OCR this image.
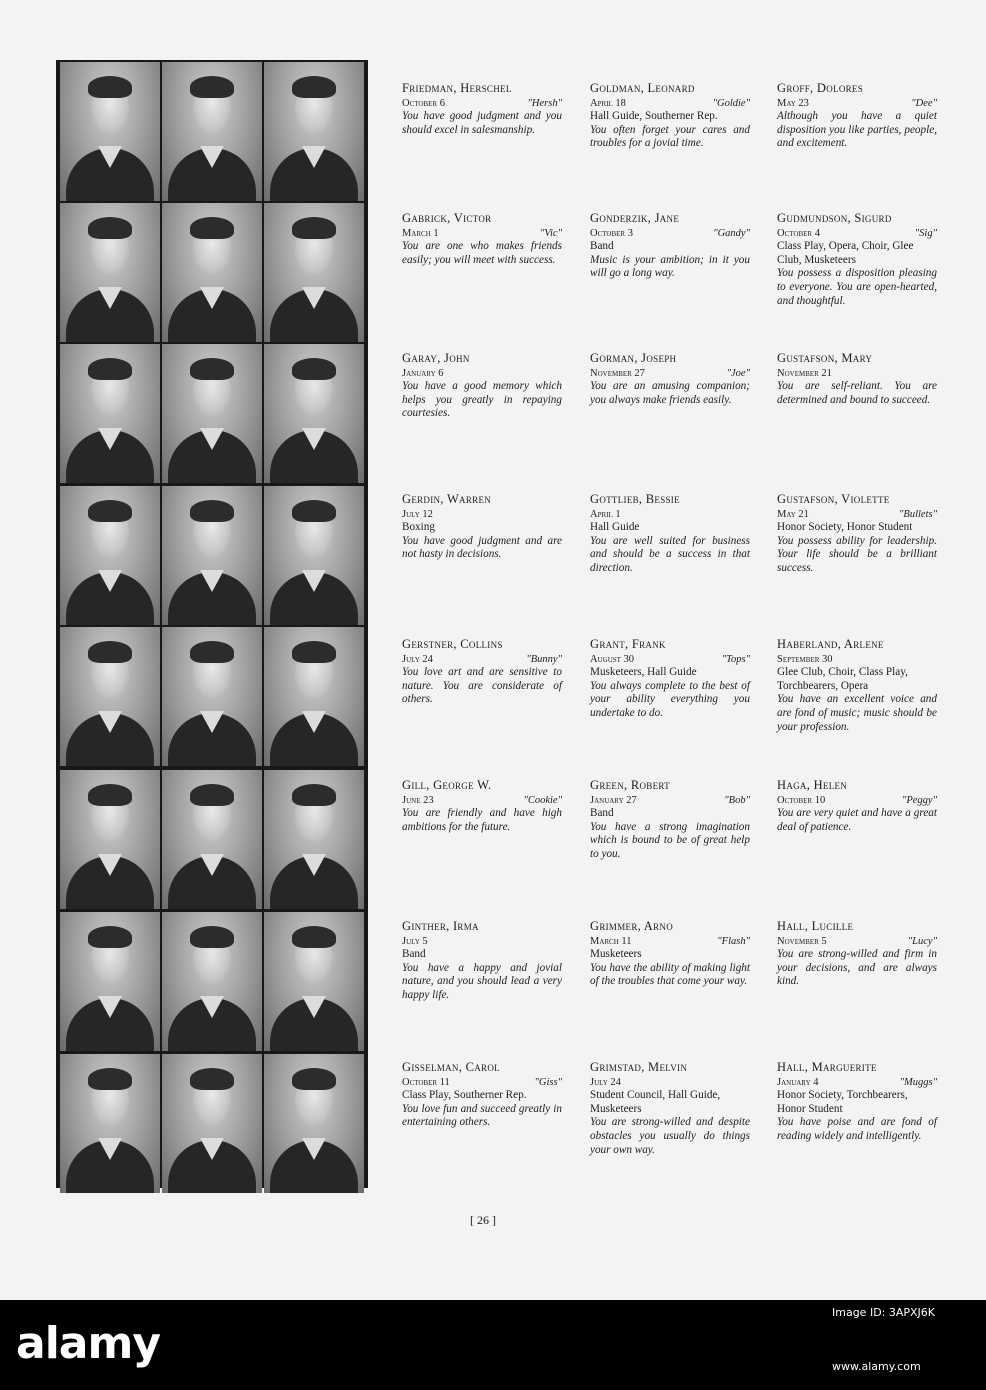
Friedman, Herschel
October 6	"Hersh"
You have good judgment and you should excel in salesmanship.
Gabrick, Victor
March 1	"Vic"
You are one who makes friends easily; you will meet with success.
Garay, John
January 6
You have a good memory which helps you greatly in repaying courtesies.
Gerdin, Warren
July 12
Boxing
You have good judgment and are not hasty in decisions.
Gerstner, Collins
July 24	"Bunny"
You love art and are sensitive to nature. You are considerate of others.
Gill, George W.
June 23	"Cookie"
You are friendly and have high ambitions for the future.
Ginther, Irma
July 5
Band
You have a happy and jovial nature, and you should lead a very happy life.
Gisselman, Carol
October 11	"Giss"
Class Play, Southerner Rep.
You love fun and succeed greatly in entertaining others.
Goldman, Leonard
April 18	"Goldie"
Hall Guide, Southerner Rep.
You often forget your cares and troubles for a jovial time.
Gonderzik, Jane
October 3	"Gandy"
Band
Music is your ambition; in it you will go a long way.
Gorman, Joseph
November 27	"Joe"
You are an amusing companion; you always make friends easily.
Gottlieb, Bessie
April 1
Hall Guide
You are well suited for business and should be a success in that direction.
Grant, Frank
August 30	"Tops"
Musketeers, Hall Guide
You always complete to the best of your ability everything you undertake to do.
Green, Robert
January 27	"Bob"
Band
You have a strong imagination which is bound to be of great help to you.
Grimmer, Arno
March 11	"Flash"
Musketeers
You have the ability of making light of the troubles that come your way.
Grimstad, Melvin
July 24
Student Council, Hall Guide, Musketeers
You are strong-willed and despite obstacles you usually do things your own way.
Groff, Dolores
May 23	"Dee"
Although you have a quiet disposition you like parties, people, and excitement.
Gudmundson, Sigurd
October 4	"Sig"
Class Play, Opera, Choir, Glee Club, Musketeers
You possess a disposition pleasing to everyone. You are open-hearted, and thoughtful.
Gustafson, Mary
November 21
You are self-reliant. You are determined and bound to succeed.
Gustafson, Violette
May 21	"Bullets"
Honor Society, Honor Student
You possess ability for leadership. Your life should be a brilliant success.
Haberland, Arlene
September 30
Glee Club, Choir, Class Play, Torchbearers, Opera
You have an excellent voice and are fond of music; music should be your profession.
Haga, Helen
October 10	"Peggy"
You are very quiet and have a great deal of patience.
Hall, Lucille
November 5	"Lucy"
You are strong-willed and firm in your decisions, and are always kind.
Hall, Marguerite
January 4	"Muggs"
Honor Society, Torchbearers, Honor Student
You have poise and are fond of reading widely and intelligently.
[ 26 ]
alamy
Image ID: 3APXJ6K
www.alamy.com
